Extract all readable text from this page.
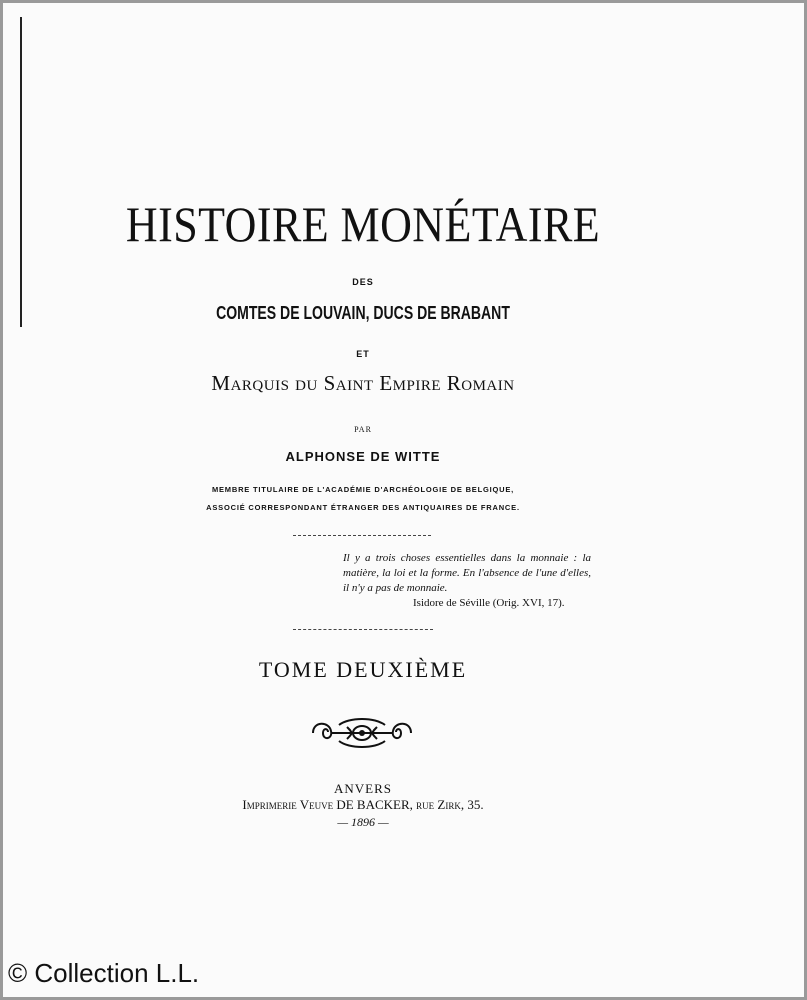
HISTOIRE MONÉTAIRE
DES
COMTES DE LOUVAIN, DUCS DE BRABANT
ET
Marquis du Saint Empire Romain
par
ALPHONSE DE WITTE
MEMBRE TITULAIRE DE L'ACADÉMIE D'ARCHÉOLOGIE DE BELGIQUE,
ASSOCIÉ CORRESPONDANT ÉTRANGER DES ANTIQUAIRES DE FRANCE.
Il y a trois choses essentielles dans la monnaie : la matière, la loi et la forme. En l'absence de l'une d'elles, il n'y a pas de monnaie.
Isidore de Séville (Orig. XVI, 17).
TOME DEUXIÈME
ANVERS
Imprimerie Veuve DE BACKER, rue Zirk, 35.
— 1896 —
© Collection L.L.
